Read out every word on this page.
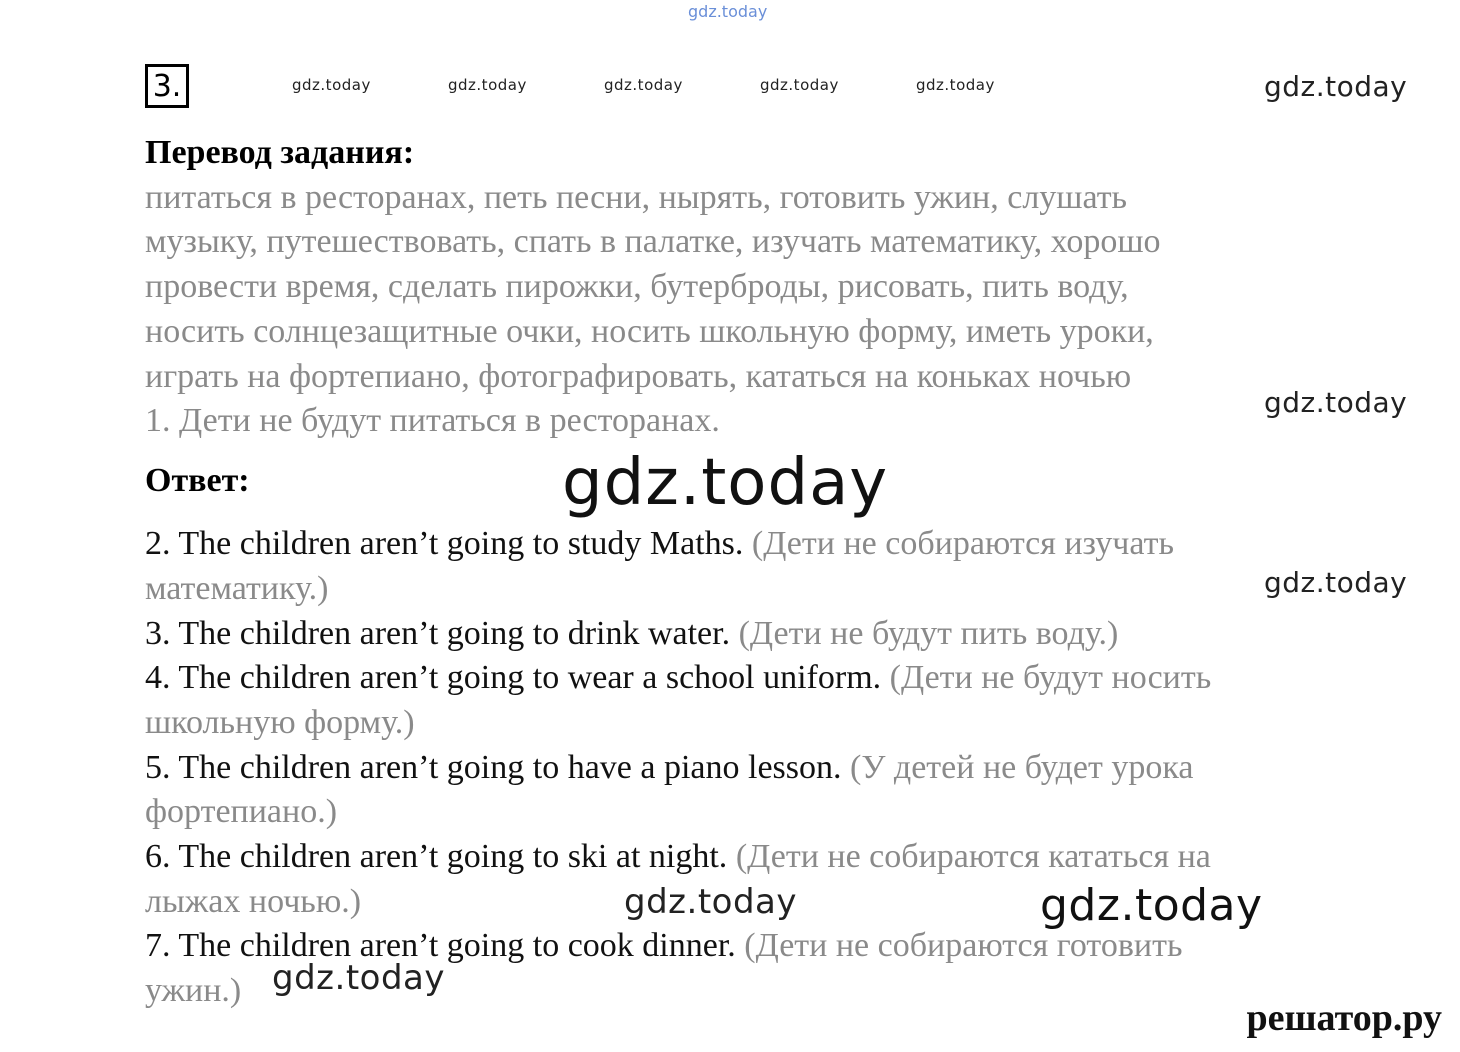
gdz.today
gdz.today	gdz.today	gdz.today	gdz.today	gdz.today	gdz.today
gdz.today
gdz.today
3.
Перевод задания:
питаться в ресторанах, петь песни, нырять, готовить ужин, слушать
музыку, путешествовать, спать в палатке, изучать математику, хорошо
провести время, сделать пирожки, бутерброды, рисовать, пить воду,
носить солнцезащитные очки, носить школьную форму, иметь уроки,
играть на фортепиано, фотографировать, кататься на коньках ночью
1. Дети не будут питаться в ресторанах.
Ответ:	gdz.today
2. The children aren’t going to study Maths. (Дети не собираются изучать
математику.)
3. The children aren’t going to drink water. (Дети не будут пить воду.)
4. The children aren’t going to wear a school uniform. (Дети не будут носить
школьную форму.)
5. The children aren’t going to have a piano lesson. (У детей не будет урока
фортепиано.)
6. The children aren’t going to ski at night. (Дети не собираются кататься на
лыжах ночью.)
7. The children aren’t going to cook dinner. (Дети не собираются готовить
ужин.)
gdz.today	gdz.today
gdz.today
решатор.ру
